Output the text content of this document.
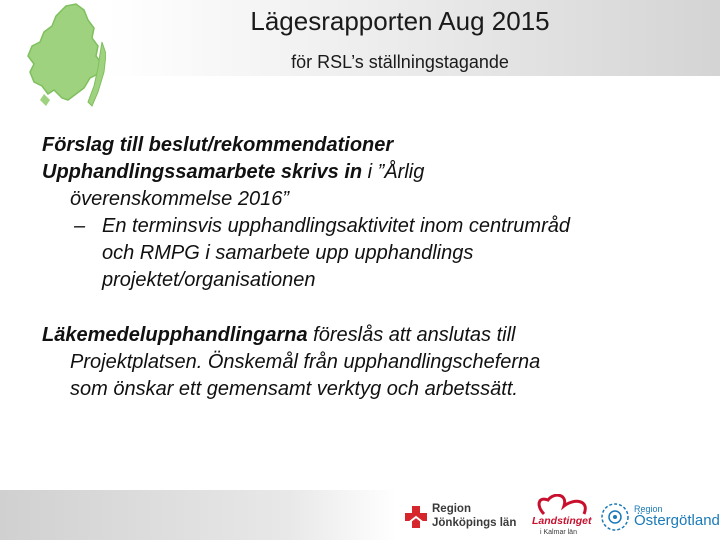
Lägesrapporten Aug 2015
för RSL’s ställningstagande
Förslag till beslut/rekommendationer
Upphandlingssamarbete skrivs in i ”Årlig
överenskommelse 2016”
– En terminsvis upphandlingsaktivitet inom centrumråd
och RMPG i samarbete upp upphandlings
projektet/organisationen
Läkemedelupphandlingarna föreslås att anslutas till
Projektplatsen. Önskemål från upphandlingscheferna
som önskar ett gemensamt verktyg och arbetssätt.
Region
Jönköpings län Landstinget
i Kalmar län
Region
Östergötland
